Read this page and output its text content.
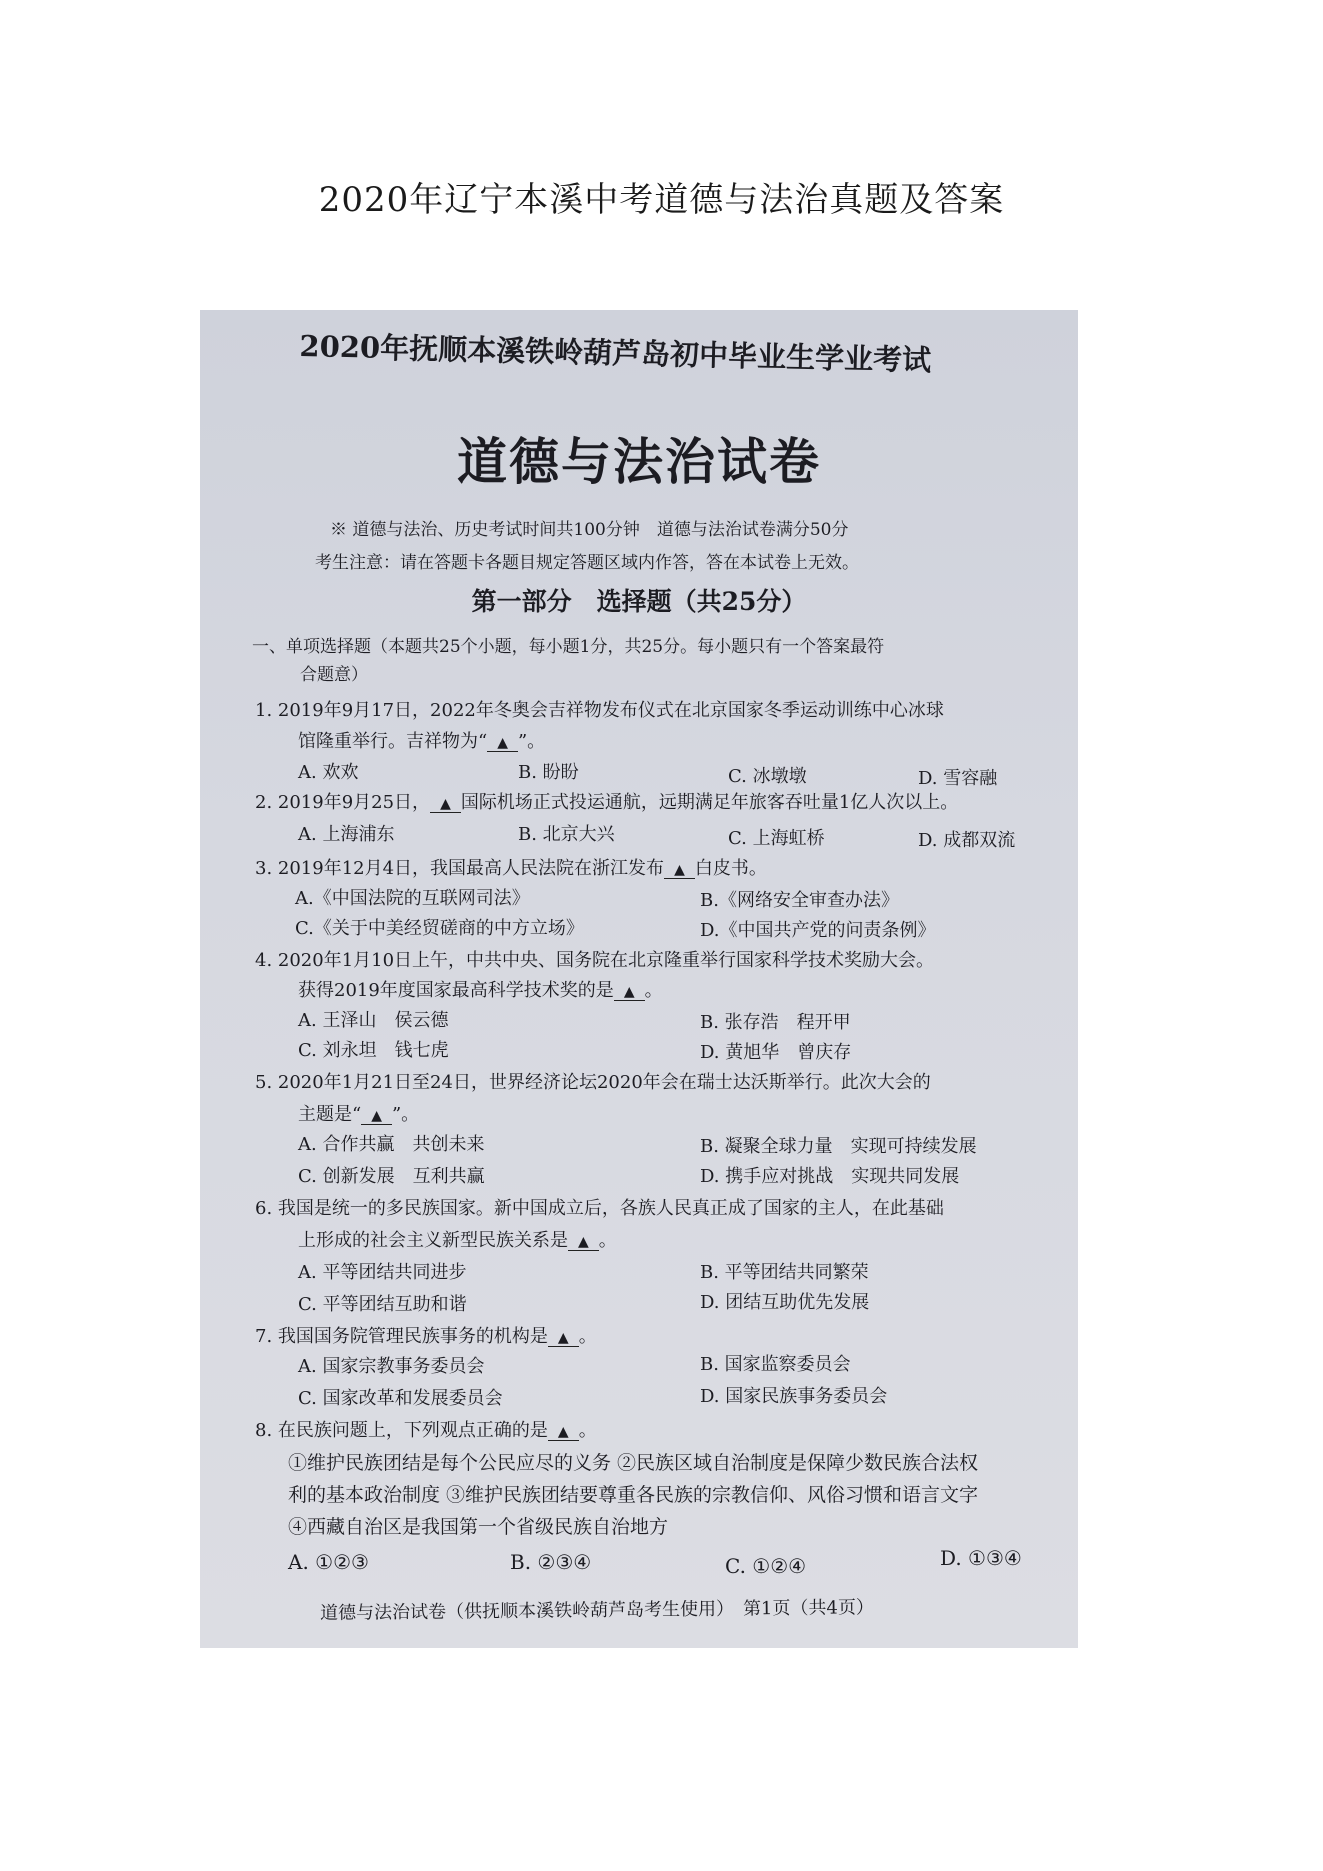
2020年辽宁本溪中考道德与法治真题及答案
2020年抚顺本溪铁岭葫芦岛初中毕业生学业考试
道德与法治试卷
※ 道德与法治、历史考试时间共100分钟　道德与法治试卷满分50分
考生注意：请在答题卡各题目规定答题区域内作答，答在本试卷上无效。
第一部分　选择题（共25分）
一、单项选择题（本题共25个小题，每小题1分，共25分。每小题只有一个答案最符
合题意）
1. 2019年9月17日，2022年冬奥会吉祥物发布仪式在北京国家冬季运动训练中心冰球
馆隆重举行。吉祥物为“ ▲ ”。
A. 欢欢	B. 盼盼	C. 冰墩墩	D. 雪容融
2. 2019年9月25日， ▲ 国际机场正式投运通航，远期满足年旅客吞吐量1亿人次以上。
A. 上海浦东	B. 北京大兴	C. 上海虹桥	D. 成都双流
3. 2019年12月4日，我国最高人民法院在浙江发布 ▲ 白皮书。
A.《中国法院的互联网司法》	B.《网络安全审查办法》
C.《关于中美经贸磋商的中方立场》	D.《中国共产党的问责条例》
4. 2020年1月10日上午，中共中央、国务院在北京隆重举行国家科学技术奖励大会。
获得2019年度国家最高科学技术奖的是 ▲ 。
A. 王泽山　侯云德	B. 张存浩　程开甲
C. 刘永坦　钱七虎	D. 黄旭华　曾庆存
5. 2020年1月21日至24日，世界经济论坛2020年会在瑞士达沃斯举行。此次大会的
主题是“ ▲ ”。
A. 合作共赢　共创未来	B. 凝聚全球力量　实现可持续发展
C. 创新发展　互利共赢	D. 携手应对挑战　实现共同发展
6. 我国是统一的多民族国家。新中国成立后，各族人民真正成了国家的主人，在此基础
上形成的社会主义新型民族关系是 ▲ 。
A. 平等团结共同进步	B. 平等团结共同繁荣
C. 平等团结互助和谐	D. 团结互助优先发展
7. 我国国务院管理民族事务的机构是 ▲ 。
A. 国家宗教事务委员会	B. 国家监察委员会
C. 国家改革和发展委员会	D. 国家民族事务委员会
8. 在民族问题上，下列观点正确的是 ▲ 。
①维护民族团结是每个公民应尽的义务 ②民族区域自治制度是保障少数民族合法权
利的基本政治制度 ③维护民族团结要尊重各民族的宗教信仰、风俗习惯和语言文字
④西藏自治区是我国第一个省级民族自治地方
A. ①②③	B. ②③④	C. ①②④	D. ①③④
道德与法治试卷（供抚顺本溪铁岭葫芦岛考生使用）　第1页（共4页）
